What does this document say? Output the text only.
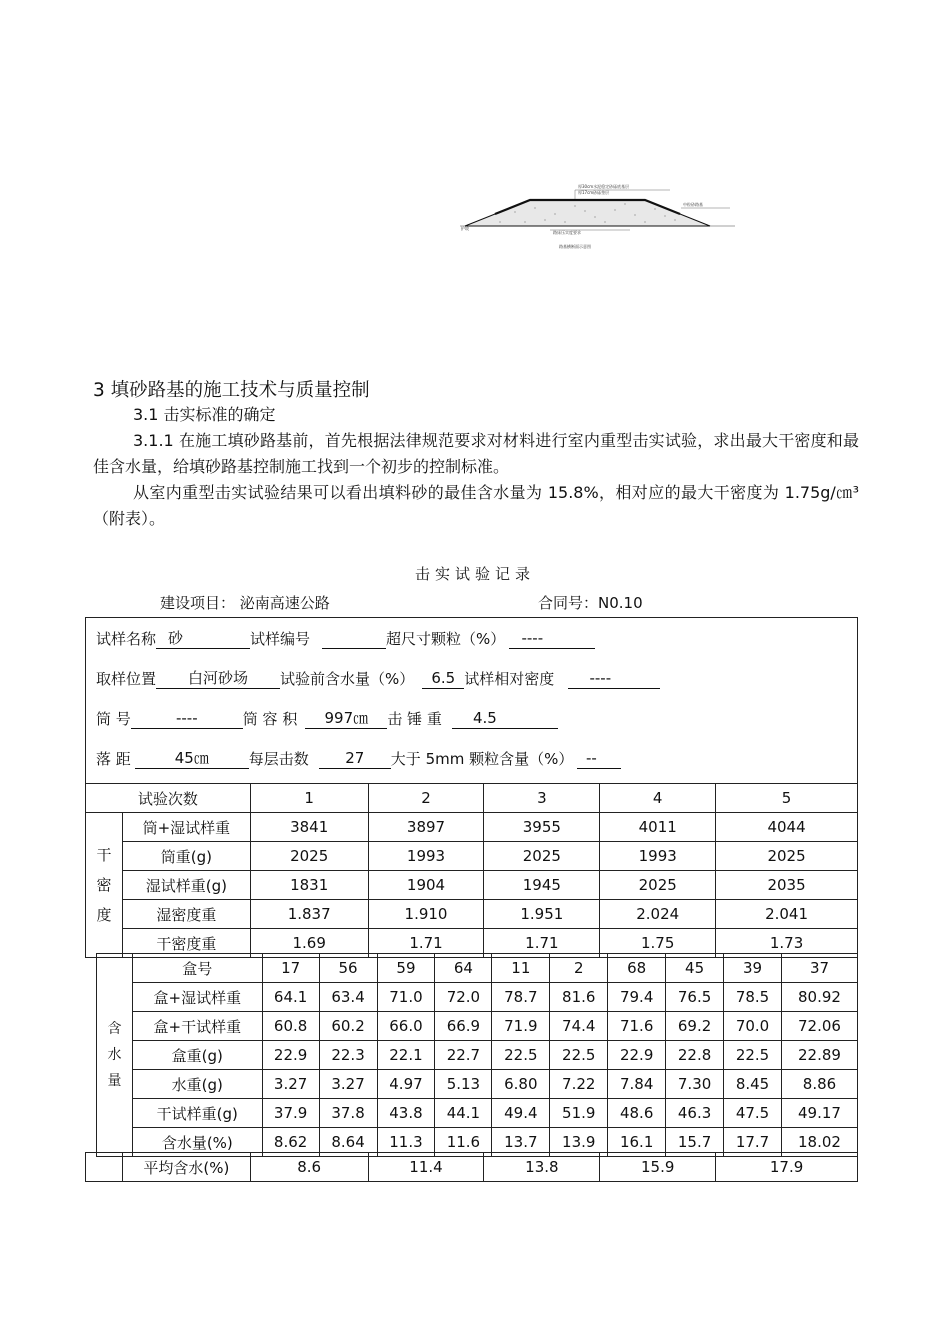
厚30cm水泥稳定砂砾底基层
厚17cm砂砾垫层
中粒砂路基
护坡
路床压实度要求
路基横断面示意图
3 填砂路基的施工技术与质量控制
3.1 击实标准的确定
3.1.1 在施工填砂路基前，首先根据法律规范要求对材料进行室内重型击实试验，求出最大干密度和最佳含水量，给填砂路基控制施工找到一个初步的控制标准。
从室内重型击实试验结果可以看出填料砂的最佳含水量为 15.8%，相对应的最大干密度为 1.75g/㎝³（附表）。
击实试验记录
建设项目： 泌南高速公路	合同号：N0.10
试样名称 砂	试样编号	超尺寸颗粒（%） ----
取样位置 白河砂场 试验前含水量（%） 6.5 试样相对密度 ----
筒 号	----	筒 容 积 997㎝ 击 锤 重 4.5
落 距	45㎝	每层击数 27 大于 5mm 颗粒含量（%） --
试验次数		1	2	3	4	5
干
密
度	筒+湿试样重	3841	3897	3955	4011	4044
	筒重(g)	2025	1993	2025	1993	2025
	湿试样重(g)	1831	1904	1945	2025	2035
	湿密度重	1.837	1.910	1.951	2.024	2.041
	干密度重	1.69	1.71	1.71	1.75	1.73
含
水
量	盒号	17	56	59	64	11	2	68	45	39	37
	盒+湿试样重	64.1	63.4	71.0	72.0	78.7	81.6	79.4	76.5	78.5	80.92
	盒+干试样重	60.8	60.2	66.0	66.9	71.9	74.4	71.6	69.2	70.0	72.06
	盒重(g)	22.9	22.3	22.1	22.7	22.5	22.5	22.9	22.8	22.5	22.89
	水重(g)	3.27	3.27	4.97	5.13	6.80	7.22	7.84	7.30	8.45	8.86
	干试样重(g)	37.9	37.8	43.8	44.1	49.4	51.9	48.6	46.3	47.5	49.17
	含水量(%)	8.62	8.64	11.3	11.6	13.7	13.9	16.1	15.7	17.7	18.02
	平均含水(%)	8.6	11.4	13.8	15.9	17.9
